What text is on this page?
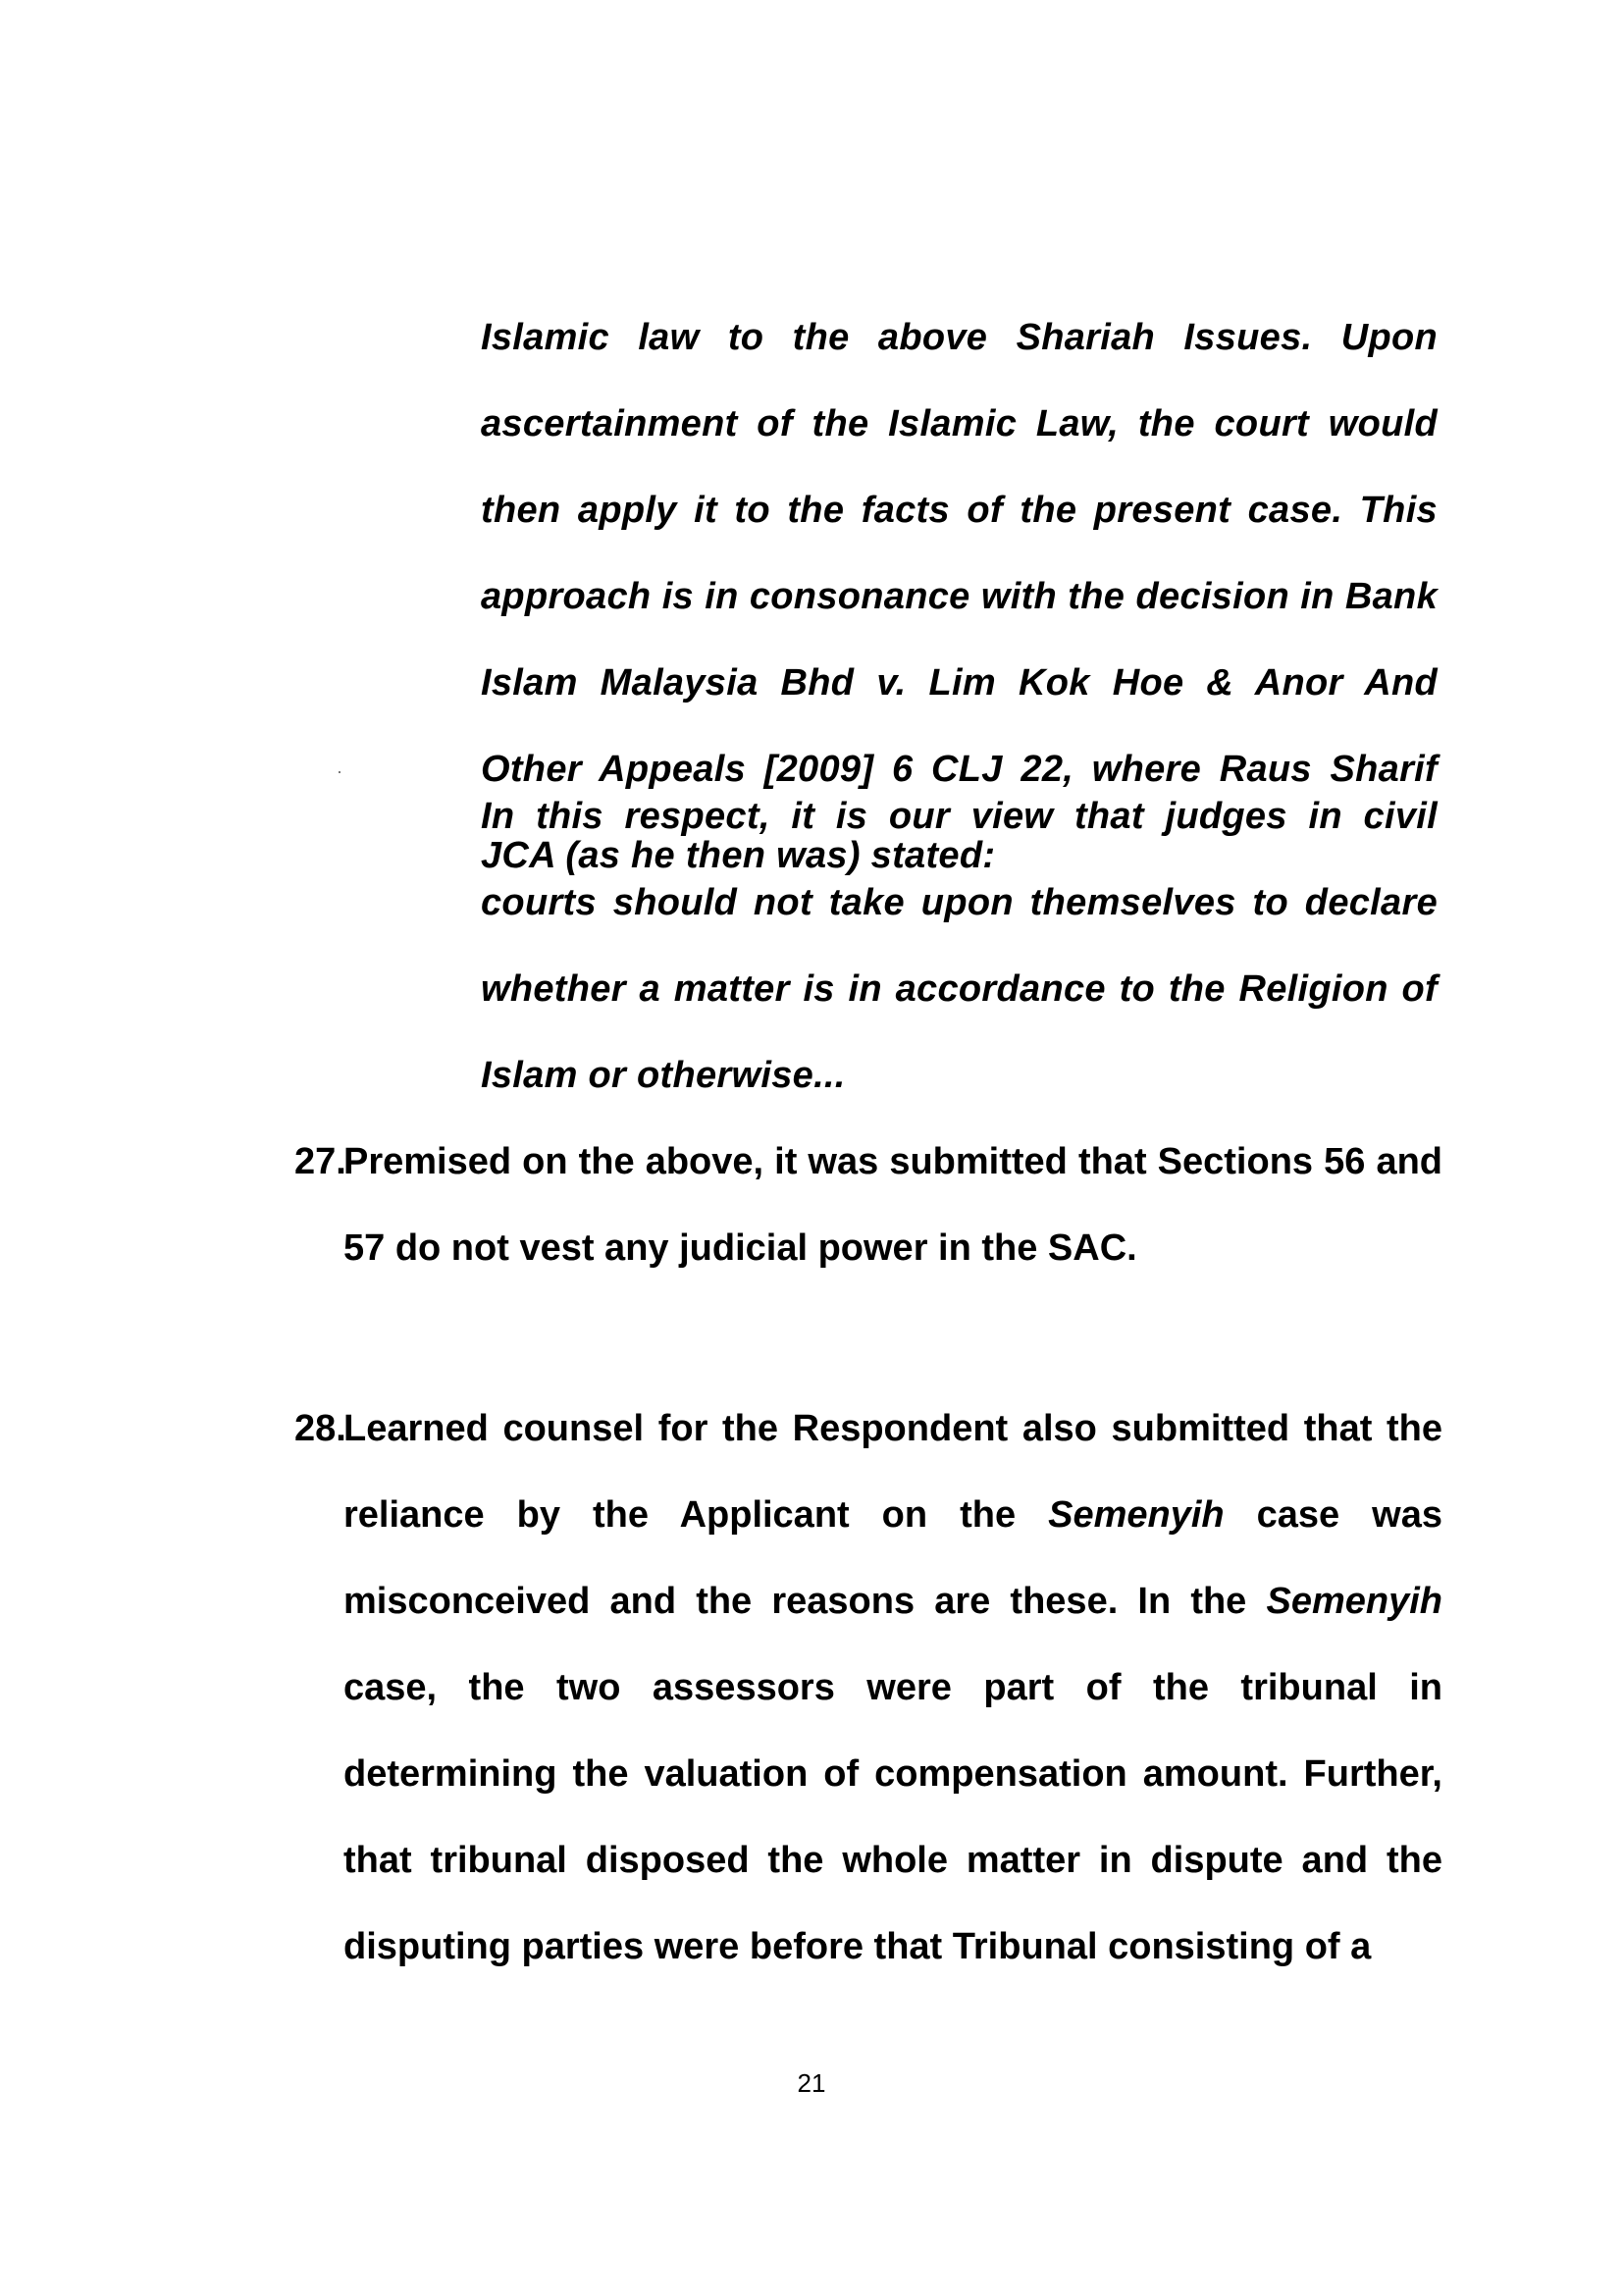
Islamic law to the above Shariah Issues. Upon ascertainment of the Islamic Law, the court would then apply it to the facts of the present case. This approach is in consonance with the decision in Bank Islam Malaysia Bhd v. Lim Kok Hoe & Anor And Other Appeals [2009] 6 CLJ 22, where Raus Sharif JCA (as he then was) stated:
In this respect, it is our view that judges in civil courts should not take upon themselves to declare whether a matter is in accordance to the Religion of Islam or otherwise...
27.
Premised on the above, it was submitted that Sections 56 and 57 do not vest any judicial power in the SAC.
28.
Learned counsel for the Respondent also submitted that the reliance by the Applicant on the Semenyih case was misconceived and the reasons are these. In the Semenyih case, the two assessors were part of the tribunal in determining the valuation of compensation amount. Further, that tribunal disposed the whole matter in dispute and the disputing parties were before that Tribunal consisting of a
21
